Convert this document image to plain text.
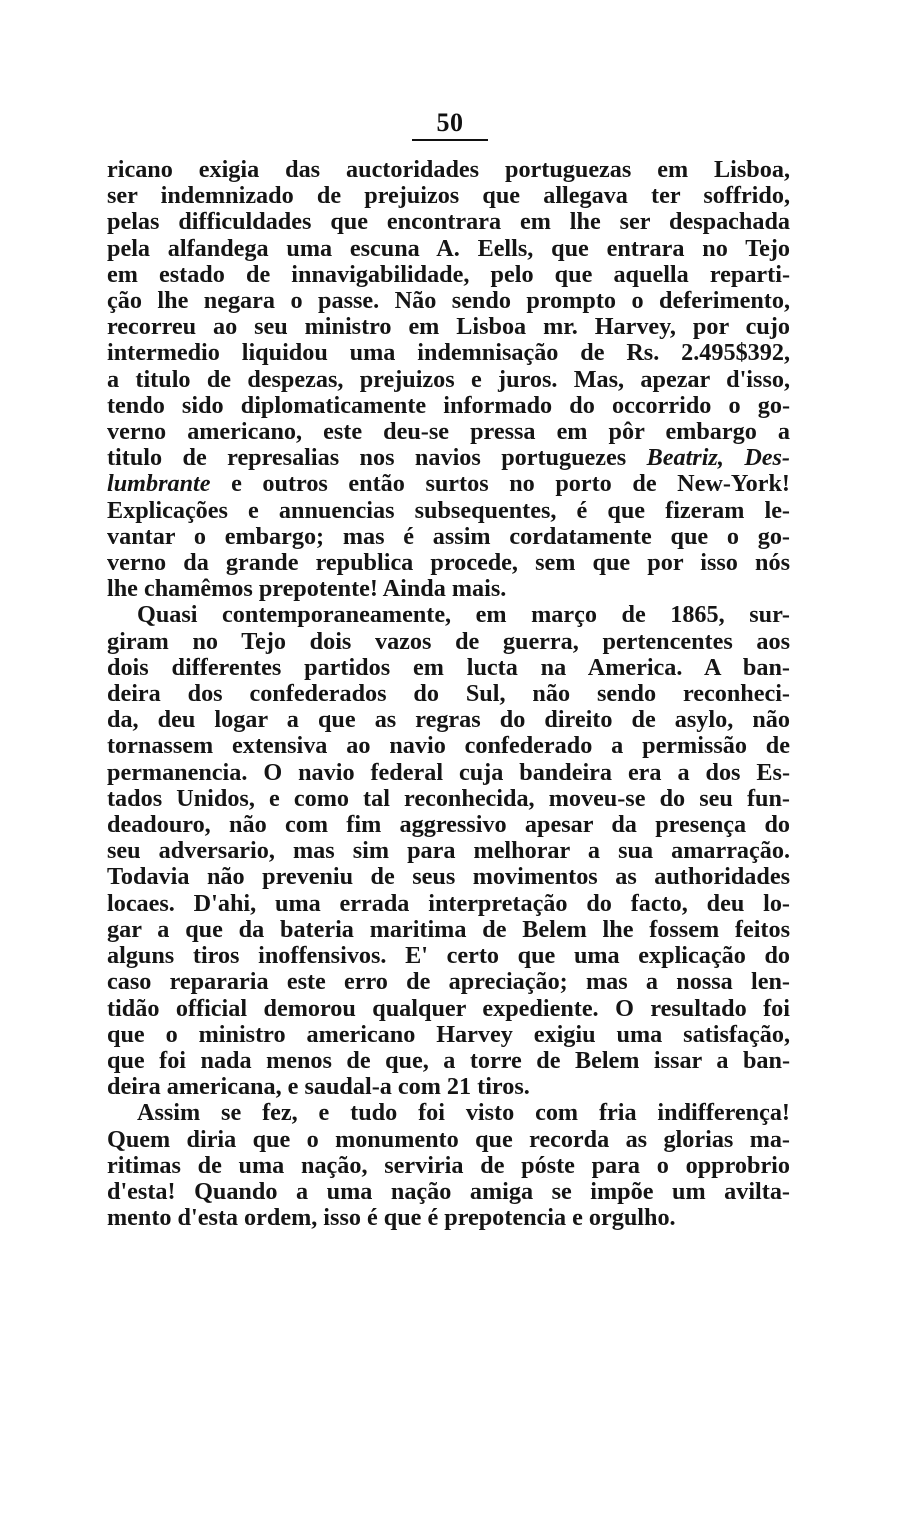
50
ricano exigia das auctoridades portuguezas em Lisboa,
ser indemnizado de prejuizos que allegava ter soffrido,
pelas difficuldades que encontrara em lhe ser despachada
pela alfandega uma escuna A. Eells, que entrara no Tejo
em estado de innavigabilidade, pelo que aquella reparti-
ção lhe negara o passe. Não sendo prompto o deferimento,
recorreu ao seu ministro em Lisboa mr. Harvey, por cujo
intermedio liquidou uma indemnisação de Rs. 2.495$392,
a titulo de despezas, prejuizos e juros. Mas, apezar d'isso,
tendo sido diplomaticamente informado do occorrido o go-
verno americano, este deu-se pressa em pôr embargo a
titulo de represalias nos navios portuguezes Beatriz, Des-
lumbrante e outros então surtos no porto de New-York!
Explicações e annuencias subsequentes, é que fizeram le-
vantar o embargo; mas é assim cordatamente que o go-
verno da grande republica procede, sem que por isso nós
lhe chamêmos prepotente! Ainda mais.
Quasi contemporaneamente, em março de 1865, sur-
giram no Tejo dois vazos de guerra, pertencentes aos
dois differentes partidos em lucta na America. A ban-
deira dos confederados do Sul, não sendo reconheci-
da, deu logar a que as regras do direito de asylo, não
tornassem extensiva ao navio confederado a permissão de
permanencia. O navio federal cuja bandeira era a dos Es-
tados Unidos, e como tal reconhecida, moveu-se do seu fun-
deadouro, não com fim aggressivo apesar da presença do
seu adversario, mas sim para melhorar a sua amarração.
Todavia não preveniu de seus movimentos as authoridades
locaes. D'ahi, uma errada interpretação do facto, deu lo-
gar a que da bateria maritima de Belem lhe fossem feitos
alguns tiros inoffensivos. E' certo que uma explicação do
caso repararia este erro de apreciação; mas a nossa len-
tidão official demorou qualquer expediente. O resultado foi
que o ministro americano Harvey exigiu uma satisfação,
que foi nada menos de que, a torre de Belem issar a ban-
deira americana, e saudal-a com 21 tiros.
Assim se fez, e tudo foi visto com fria indifferença!
Quem diria que o monumento que recorda as glorias ma-
ritimas de uma nação, serviria de póste para o opprobrio
d'esta! Quando a uma nação amiga se impõe um avilta-
mento d'esta ordem, isso é que é prepotencia e orgulho.
